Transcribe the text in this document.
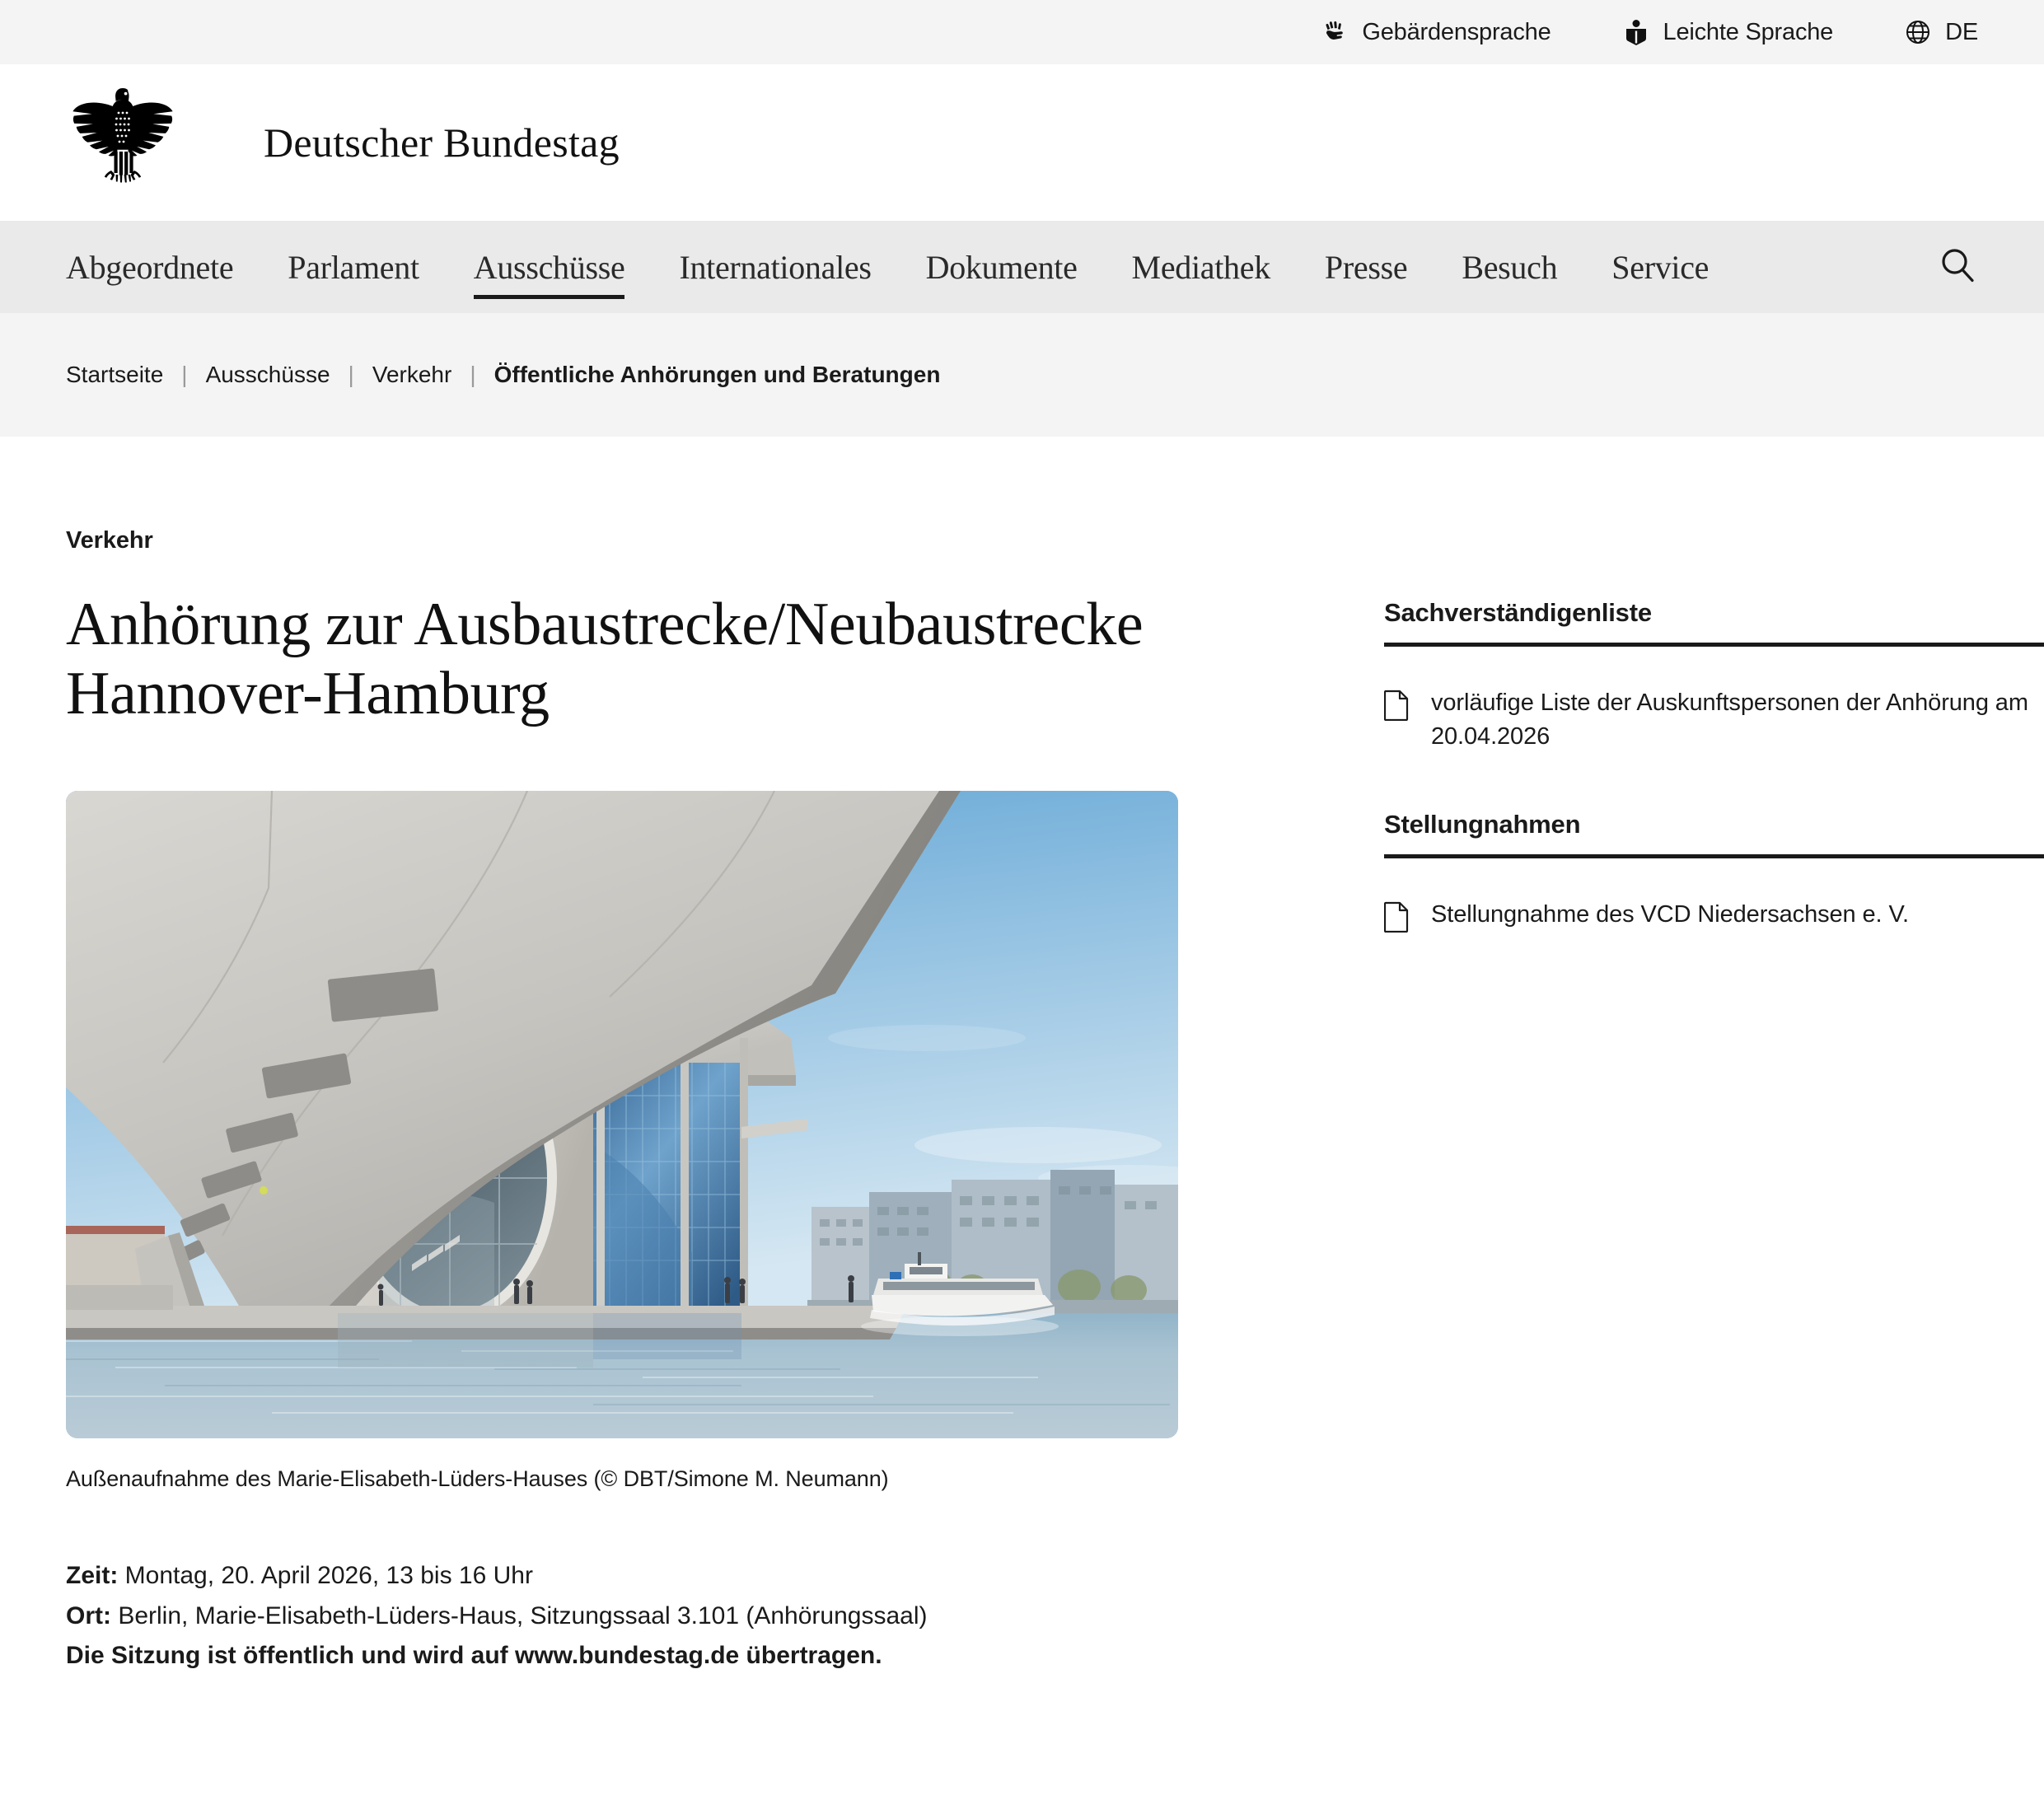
Gebärdensprache	Leichte Sprache	DE
Deutscher Bundestag
Abgeordnete Parlament Ausschüsse Internationales Dokumente Mediathek Presse Besuch Service
Startseite | Ausschüsse | Verkehr | Öffentliche Anhörungen und Beratungen
Verkehr
Anhörung zur Ausbaustrecke/Neubaustrecke Hannover-Hamburg
Außenaufnahme des Marie-Elisabeth-Lüders-Hauses (© DBT/Simone M. Neumann)
Zeit: Montag, 20. April 2026, 13 bis 16 Uhr
Ort: Berlin, Marie-Elisabeth-Lüders-Haus, Sitzungssaal 3.101 (Anhörungssaal)
Die Sitzung ist öffentlich und wird auf www.bundestag.de übertragen.
Sachverständigenliste
vorläufige Liste der Auskunftspersonen der Anhörung am 20.04.2026
Stellungnahmen
Stellungnahme des VCD Niedersachsen e. V.
